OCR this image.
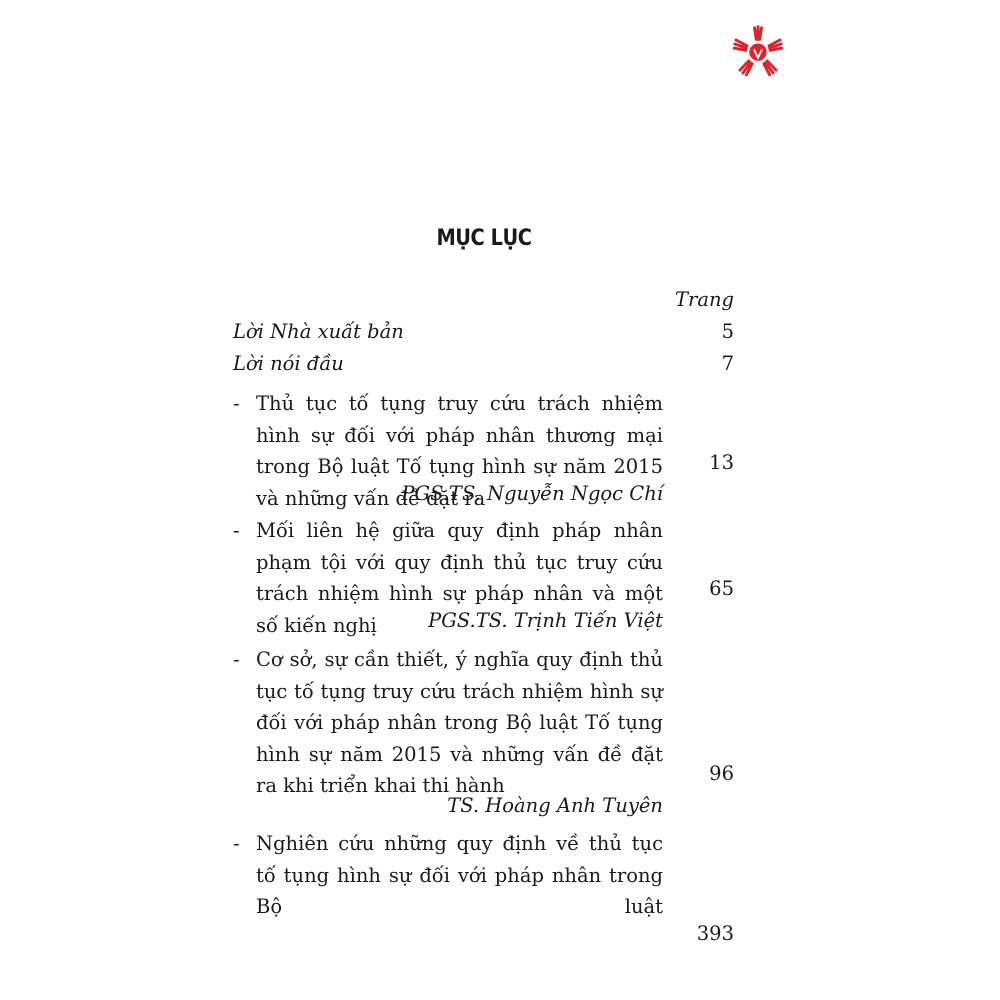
MỤC LỤC
Trang
Lời Nhà xuất bản	5
Lời nói đầu	7
- Thủ tục tố tụng truy cứu trách nhiệm hình sự đối với pháp nhân thương mại trong Bộ luật Tố tụng hình sự năm 2015 và những vấn đề đặt ra
13
PGS.TS. Nguyễn Ngọc Chí
- Mối liên hệ giữa quy định pháp nhân phạm tội với quy định thủ tục truy cứu trách nhiệm hình sự pháp nhân và một số kiến nghị
65
PGS.TS. Trịnh Tiến Việt
- Cơ sở, sự cần thiết, ý nghĩa quy định thủ tục tố tụng truy cứu trách nhiệm hình sự đối với pháp nhân trong Bộ luật Tố tụng hình sự năm 2015 và những vấn đề đặt ra khi triển khai thi hành
96
TS. Hoàng Anh Tuyên
- Nghiên cứu những quy định về thủ tục tố tụng hình sự đối với pháp nhân trong Bộ luật
393
